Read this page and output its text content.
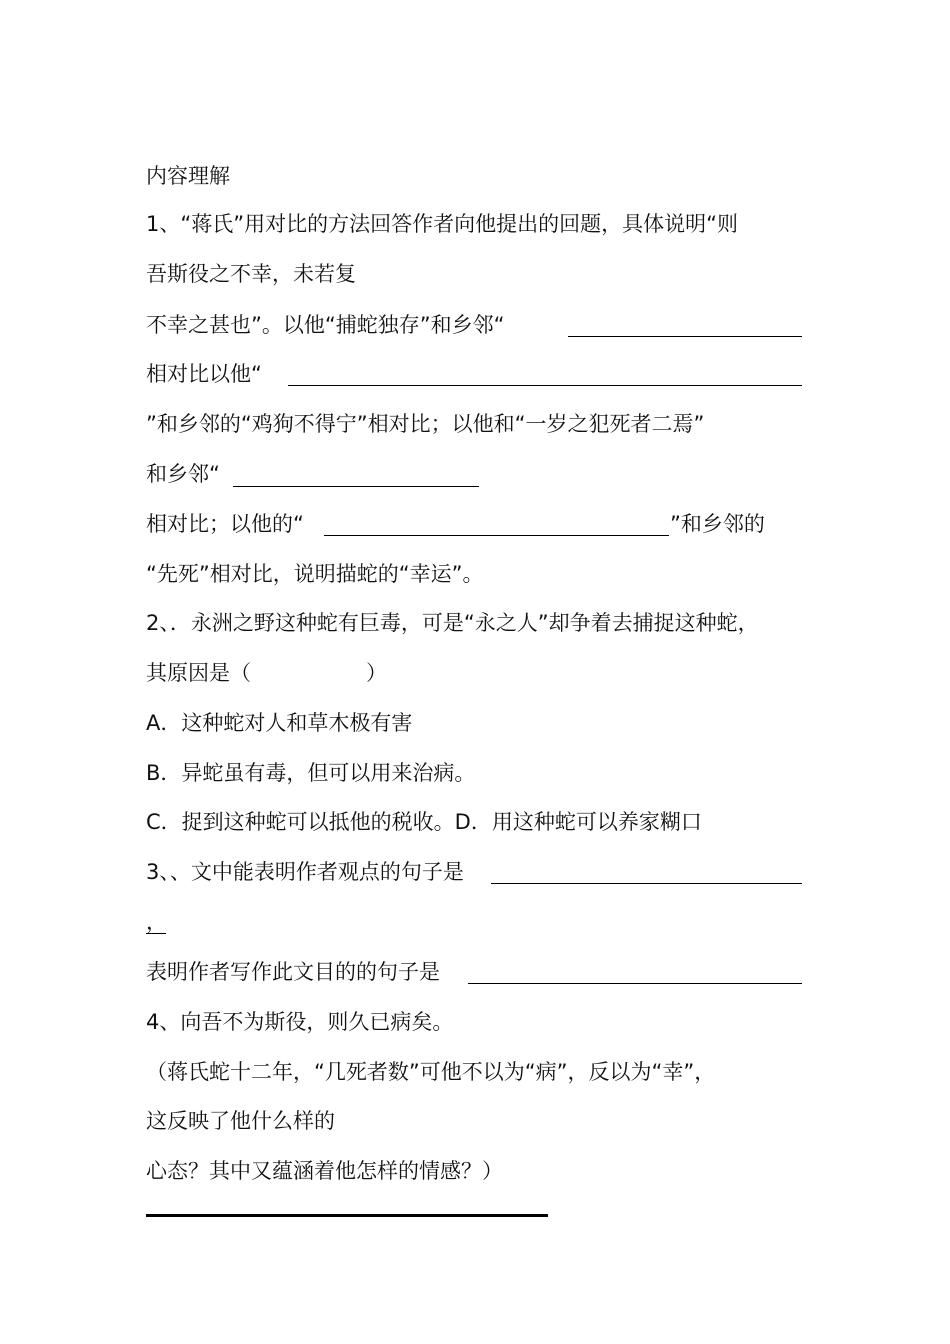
内容理解
1、“蒋氏”用对比的方法回答作者向他提出的回题，具体说明“则
吾斯役之不幸，未若复
不幸之甚也”。以他“捕蛇独存”和乡邻“
相对比以他“
”和乡邻的“鸡狗不得宁”相对比；以他和“一岁之犯死者二焉”
和乡邻“
相对比；以他的“	”和乡邻的
“先死”相对比，说明描蛇的“幸运”。
2、．永洲之野这种蛇有巨毒，可是“永之人”却争着去捕捉这种蛇，
其原因是（	）
A．这种蛇对人和草木极有害
B．异蛇虽有毒，但可以用来治病。
C．捉到这种蛇可以抵他的税收。D．用这种蛇可以养家糊口
3、、文中能表明作者观点的句子是
，
表明作者写作此文目的的句子是
4、向吾不为斯役，则久已病矣。
（蒋氏蛇十二年，“几死者数”可他不以为“病”，反以为“幸”，
这反映了他什么样的
心态？其中又蕴涵着他怎样的情感？）
